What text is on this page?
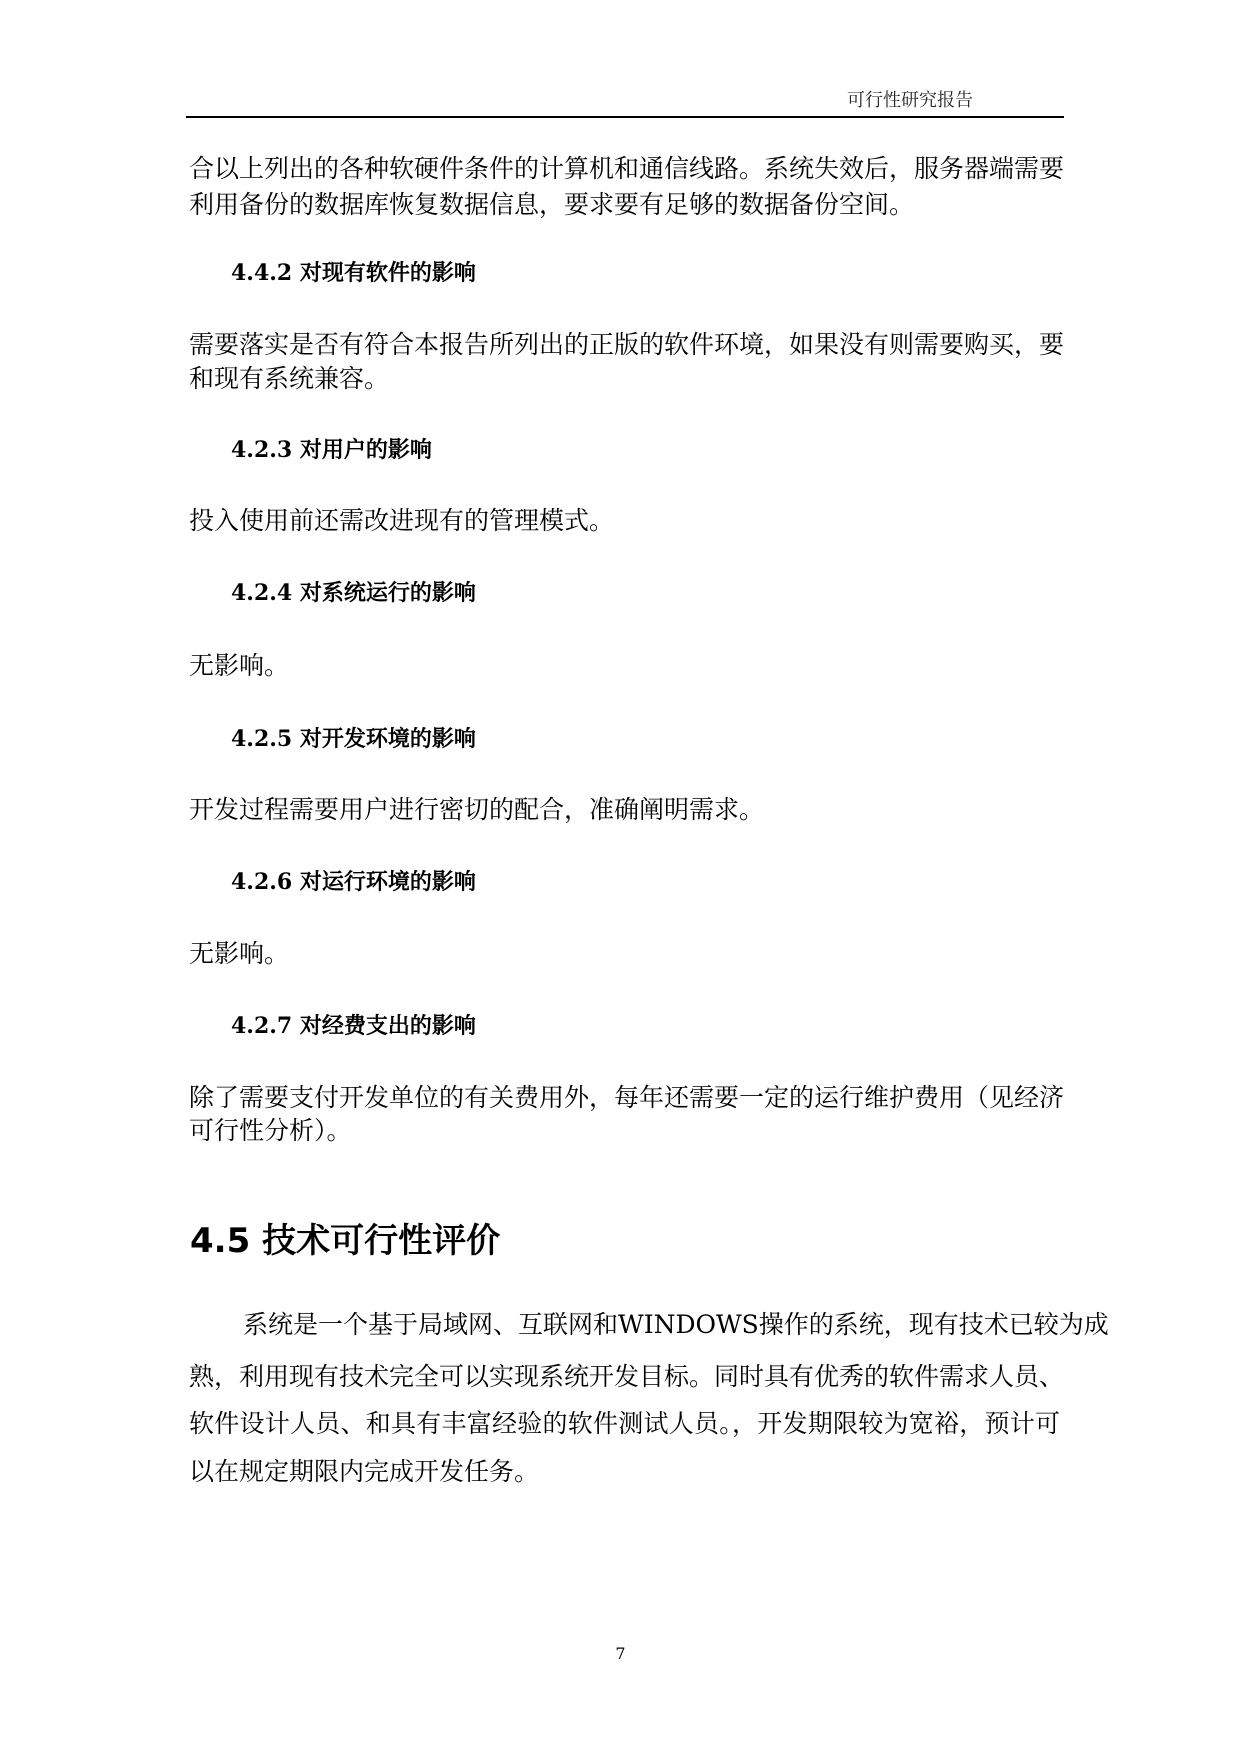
可行性研究报告
合以上列出的各种软硬件条件的计算机和通信线路。系统失效后，服务器端需要
利用备份的数据库恢复数据信息，要求要有足够的数据备份空间。
4.4.2 对现有软件的影响
需要落实是否有符合本报告所列出的正版的软件环境，如果没有则需要购买，要
和现有系统兼容。
4.2.3 对用户的影响
投入使用前还需改进现有的管理模式。
4.2.4 对系统运行的影响
无影响。
4.2.5 对开发环境的影响
开发过程需要用户进行密切的配合，准确阐明需求。
4.2.6 对运行环境的影响
无影响。
4.2.7 对经费支出的影响
除了需要支付开发单位的有关费用外，每年还需要一定的运行维护费用（见经济
可行性分析）。
4.5 技术可行性评价
系统是一个基于局域网、互联网和WINDOWS操作的系统，现有技术已较为成
熟，利用现有技术完全可以实现系统开发目标。同时具有优秀的软件需求人员、
软件设计人员、和具有丰富经验的软件测试人员。，开发期限较为宽裕，预计可
以在规定期限内完成开发任务。
7
